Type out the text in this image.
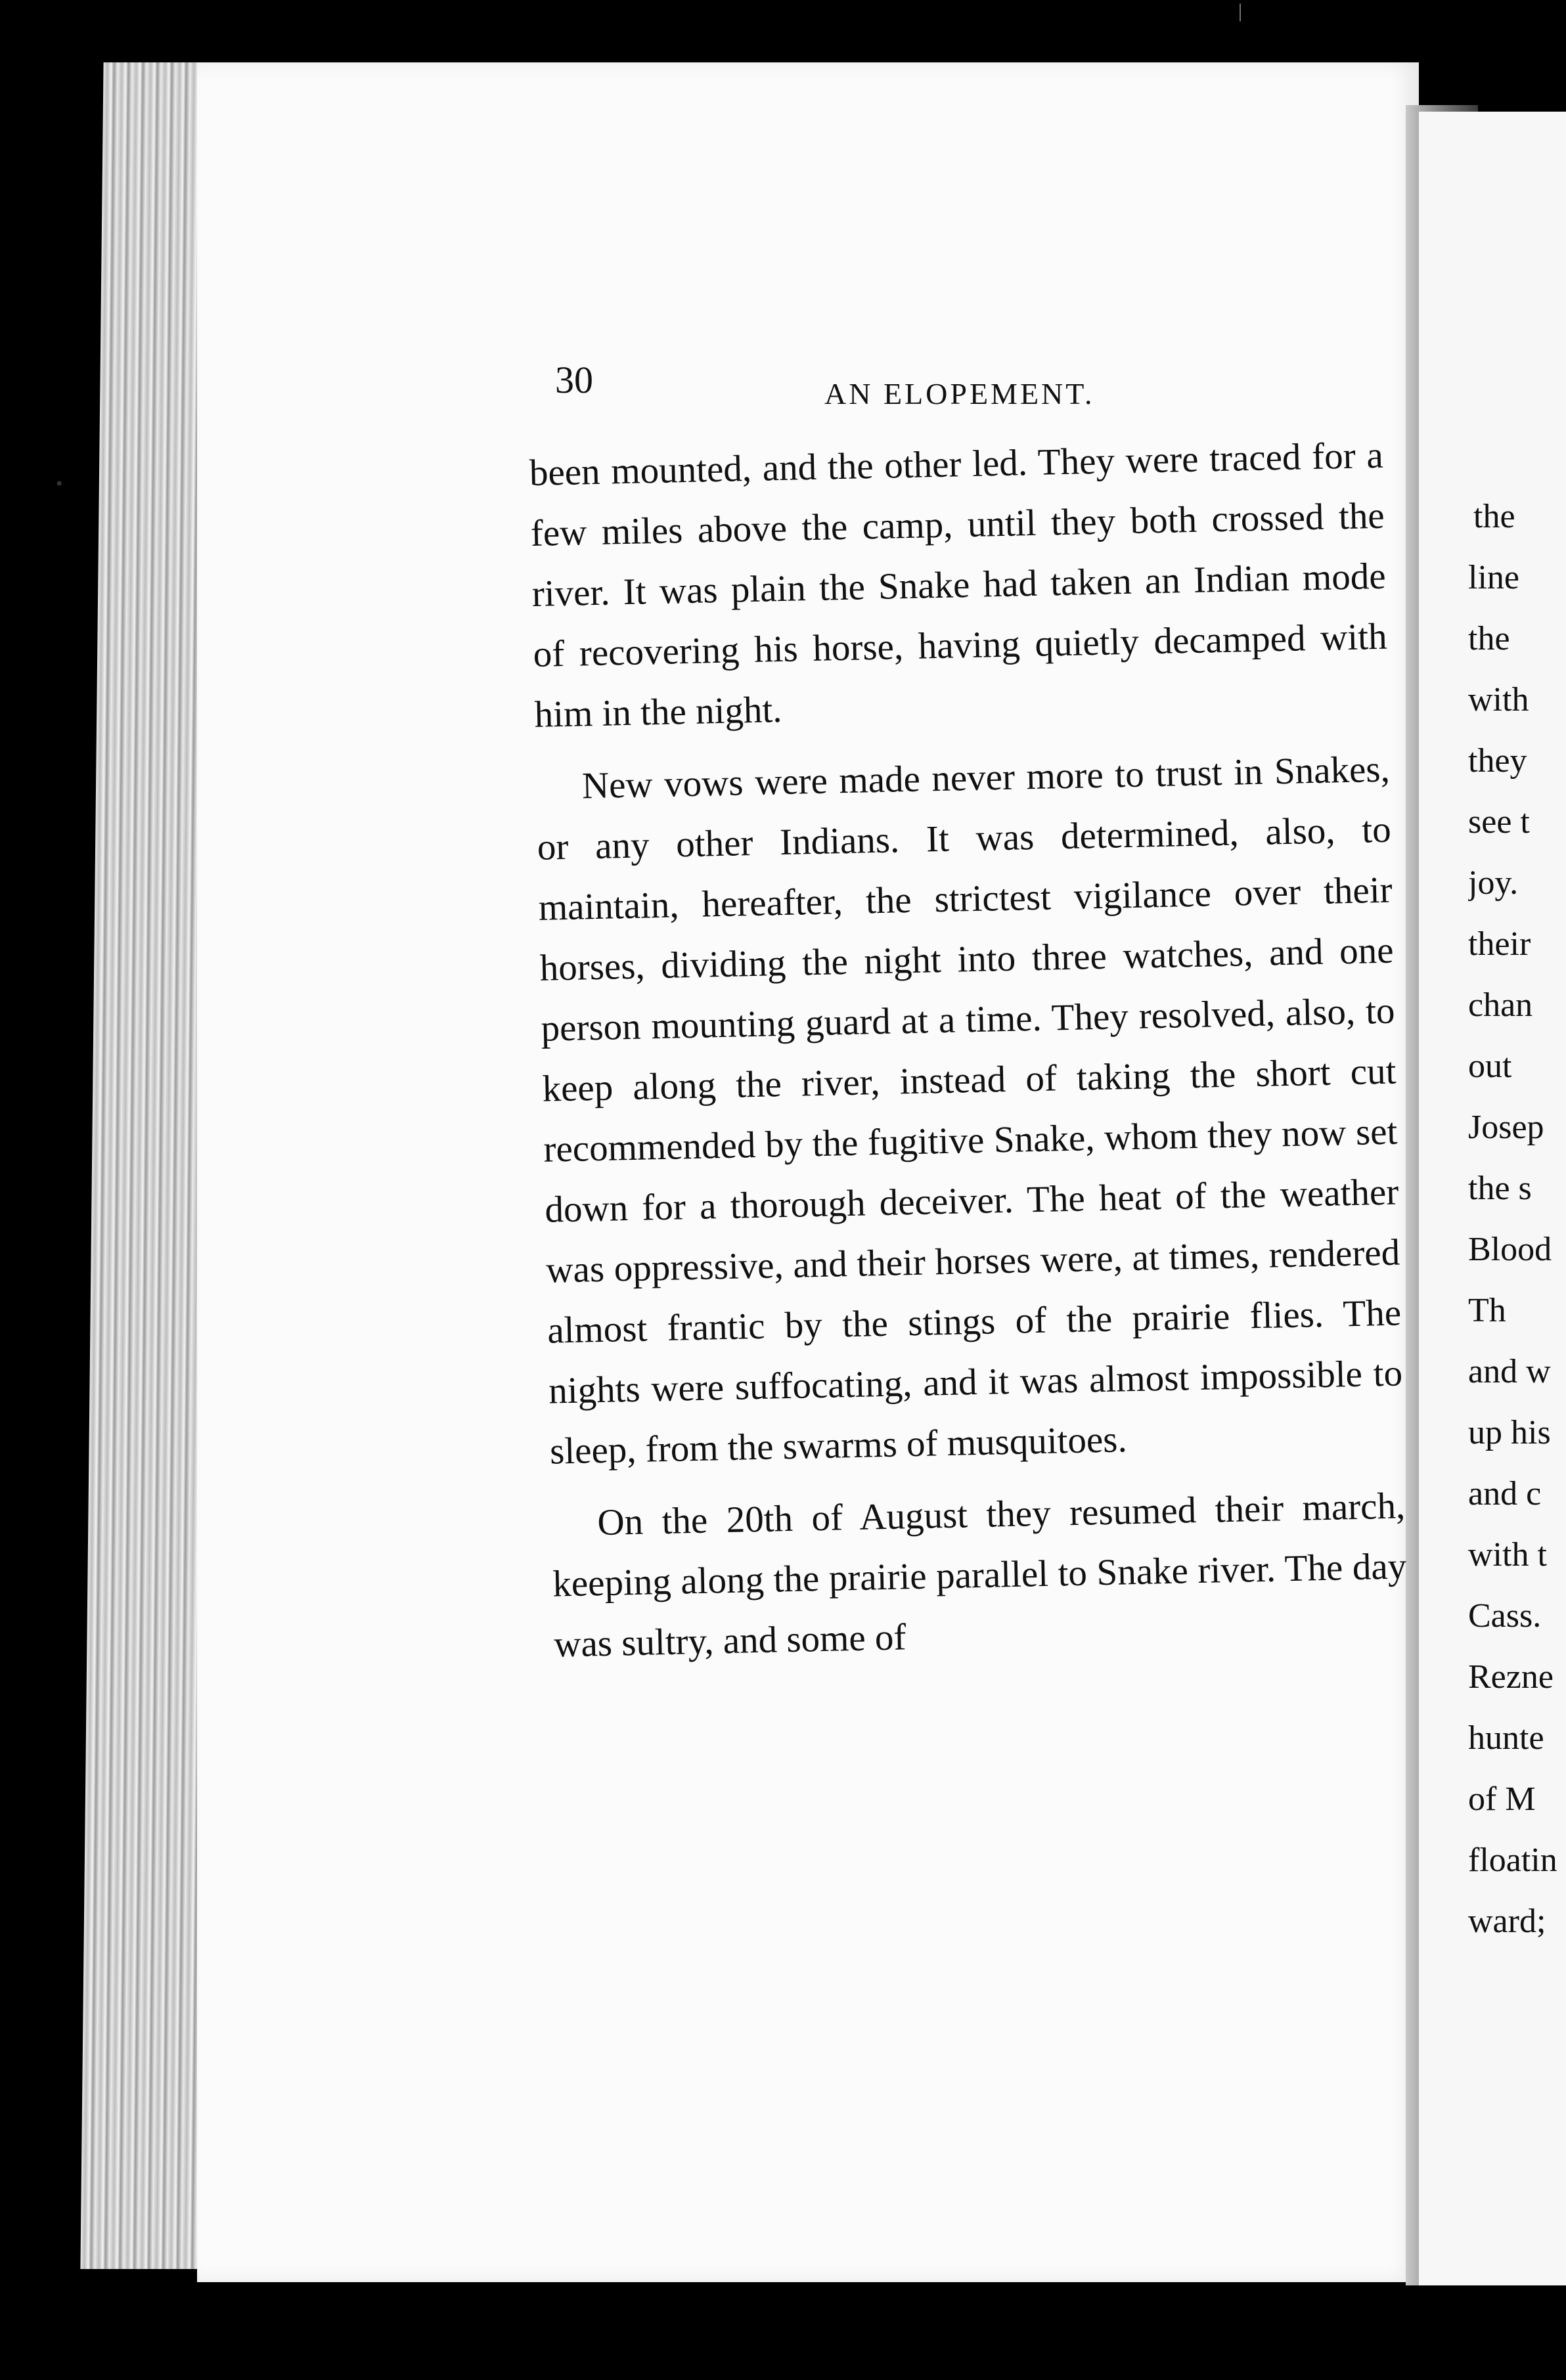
30	AN ELOPEMENT.

been mounted, and the other led. They were traced for a few miles above the camp, until they both crossed the river. It was plain the Snake had taken an Indian mode of recovering his horse, having quietly decamped with him in the night.

New vows were made never more to trust in Snakes, or any other Indians. It was determined, also, to maintain, hereafter, the strictest vigilance over their horses, dividing the night into three watches, and one person mounting guard at a time. They resolved, also, to keep along the river, instead of taking the short cut recommended by the fugitive Snake, whom they now set down for a thorough deceiver. The heat of the weather was oppressive, and their horses were, at times, rendered almost frantic by the stings of the prairie flies. The nights were suffocating, and it was almost impossible to sleep, from the swarms of musquitoes.

On the 20th of August they resumed their march, keeping along the prairie parallel to Snake river. The day was sultry, and some of

the
line
the
with
they
see t
joy.
their
chan
out
Josep
the s
Blood
Th
and w
up his
and c
with t
Cass.
Rezne
hunte
of M
floatin
ward;
•
|
